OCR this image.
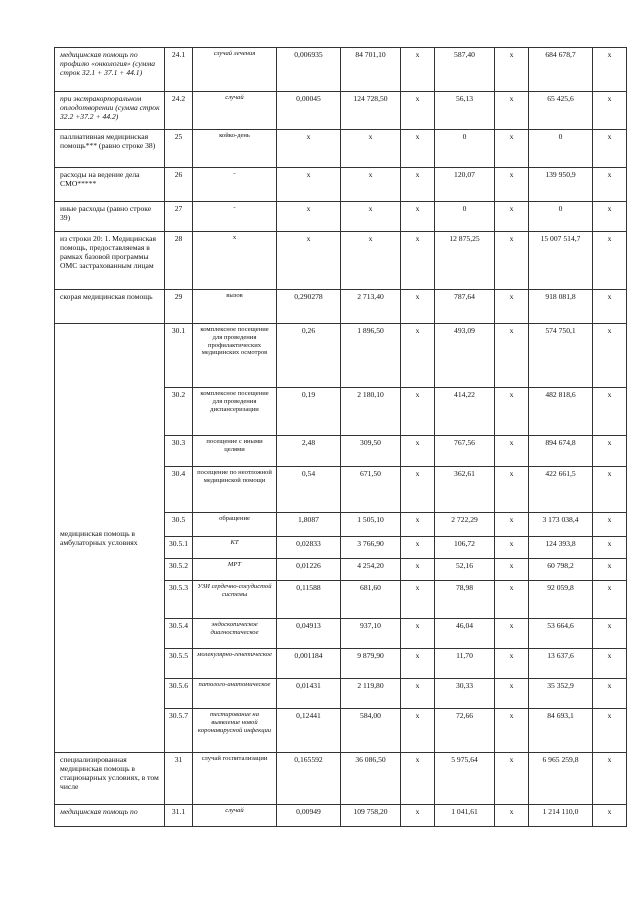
медицинская помощь по профилю «онкология» (сумма строк 32.1 + 37.1 + 44.1)	24.1	случай лечения	0,006935	84 701,10	х	587,40	х	684 678,7	х
при экстракорпоральном оплодотворении (сумма строк 32.2 +37.2 + 44.2)	24.2	случай	0,00045	124 728,50	х	56,13	х	65 425,6	х
паллиативная медицинская помощь*** (равно строке 38)	25	койко-день	х	х	х	0	х	0	х
расходы на ведение дела СМО*****	26	-	х	х	х	120,07	х	139 950,9	х
иные расходы (равно строке 39)	27	-	х	х	х	0	х	0	х
из строки 20: 1. Медицинская помощь, предоставляемая в рамках базовой программы ОМС застрахованным лицам	28	х	х	х	х	12 875,25	х	15 007 514,7	х
скорая медицинская помощь	29	вызов	0,290278	2 713,40	х	787,64	х	918 081,8	х
медицинская помощь в амбулаторных условиях	30.1	комплексное посещение для проведения профилактических медицинских осмотров	0,26	1 896,50	х	493,09	х	574 750,1	х
	30.2	комплексное посещение для проведения диспансеризации	0,19	2 180,10	х	414,22	х	482 818,6	х
	30.3	посещение с иными целями	2,48	309,50	х	767,56	х	894 674,8	х
	30.4	посещение по неотложной медицинской помощи	0,54	671,50	х	362,61	х	422 661,5	х
	30.5	обращение	1,8087	1 505,10	х	2 722,29	х	3 173 038,4	х
	30.5.1	КТ	0,02833	3 766,90	х	106,72	х	124 393,8	х
	30.5.2	МРТ	0,01226	4 254,20	х	52,16	х	60 798,2	х
	30.5.3	УЗИ сердечно-сосудистой системы	0,11588	681,60	х	78,98	х	92 059,8	х
	30.5.4	эндоскопическое диагностическое	0,04913	937,10	х	46,04	х	53 664,6	х
	30.5.5	молекулярно-генетическое	0,001184	9 879,90	х	11,70	х	13 637,6	х
	30.5.6	патолого-анатомическое	0,01431	2 119,80	х	30,33	х	35 352,9	х
	30.5.7	тестирование на выявление новой коронавирусной инфекции	0,12441	584,00	х	72,66	х	84 693,1	х
специализированная медицинская помощь в стационарных условиях, в том числе	31	случай госпитализации	0,165592	36 086,50	х	5 975,64	х	6 965 259,8	х
медицинская помощь по	31.1	случай	0,00949	109 758,20	х	1 041,61	х	1 214 110,0	х
